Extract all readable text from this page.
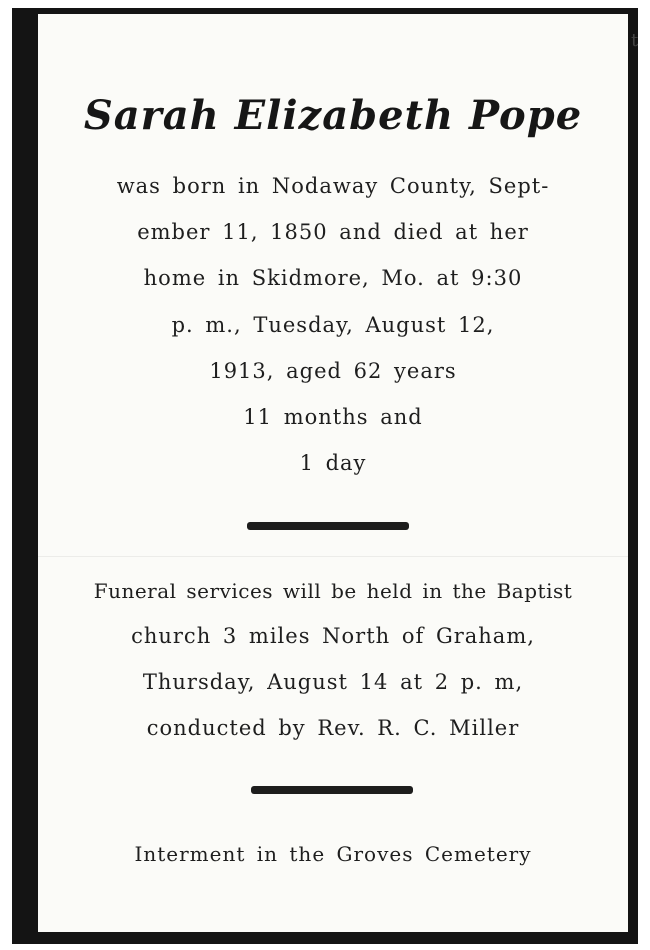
Sarah Elizabeth Pope

was born in Nodaway County, Sept-

ember 11, 1850 and died at her

home in Skidmore, Mo. at 9:30

p. m., Tuesday, August 12,

1913, aged 62 years

11 months and

1 day

Funeral services will be held in the Baptist

church 3 miles North of Graham,

Thursday, August 14 at 2 p. m,

conducted by Rev. R. C. Miller

Interment in the Groves Cemetery

t
